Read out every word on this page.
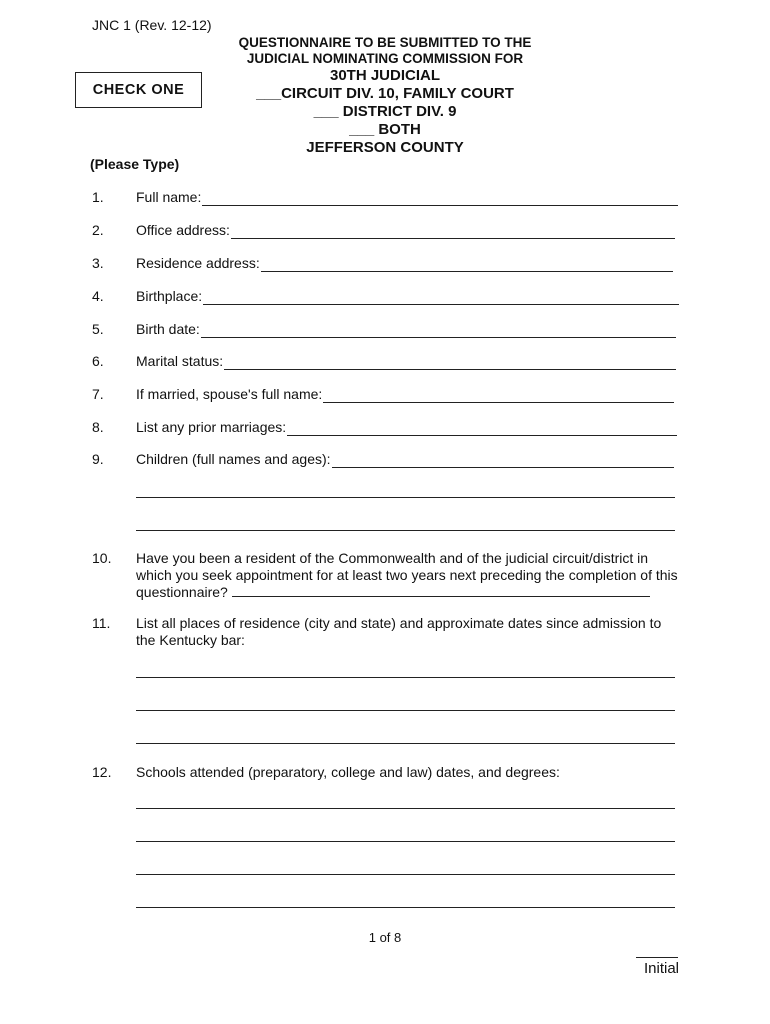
JNC 1 (Rev. 12-12)
QUESTIONNAIRE TO BE SUBMITTED TO THE
JUDICIAL NOMINATING COMMISSION FOR
30TH JUDICIAL
___CIRCUIT DIV. 10, FAMILY COURT
___ DISTRICT DIV. 9
___ BOTH
JEFFERSON COUNTY
CHECK ONE
(Please Type)
1.	Full name:
2.	Office address:
3.	Residence address:
4.	Birthplace:
5.	Birth date:
6.	Marital status:
7.	If married, spouse's full name:
8.	List any prior marriages:
9.	Children (full names and ages):
10.	Have you been a resident of the Commonwealth and of the judicial circuit/district in which you seek appointment for at least two years next preceding the completion of this questionnaire?
11.	List all places of residence (city and state) and approximate dates since admission to the Kentucky bar:
12.	Schools attended (preparatory, college and law) dates, and degrees:
1 of 8
Initial
